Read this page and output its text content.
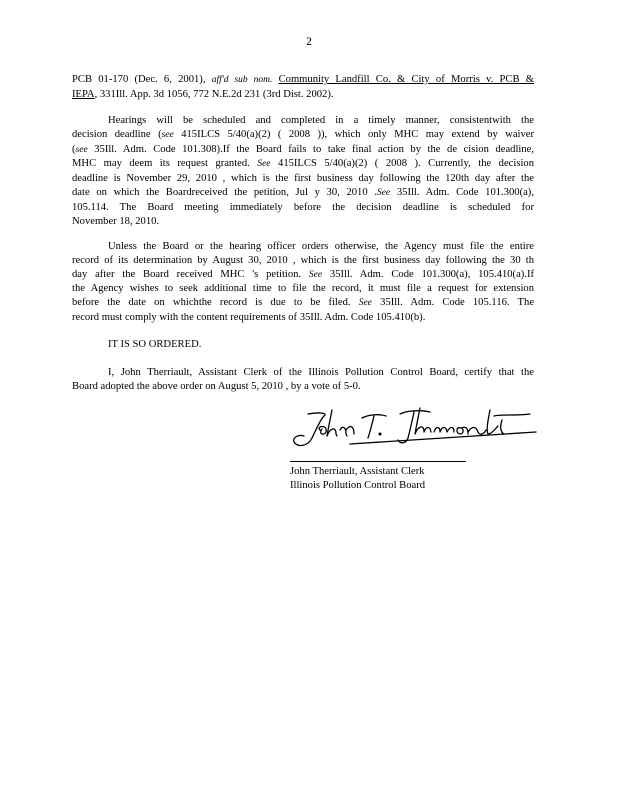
2
PCB 01-170 (Dec. 6, 2001), aff'd sub nom. Community Landfill Co. & City of Morris v. PCB &
IEPA, 331Ill. App. 3d 1056, 772 N.E.2d 231 (3rd Dist. 2002).
Hearings will be scheduled and completed in a timely manner, consistentwith the
decision deadline (see 415ILCS 5/40(a)(2) ( 2008 )), which only MHC may extend by waiver
(see 35Ill. Adm. Code 101.308).If the Board fails to take final action by the de cision deadline,
MHC may deem its request granted. See 415ILCS 5/40(a)(2) ( 2008 ). Currently, the decision
deadline is November 29, 2010 , which is the first business day following the 120th day after the
date on which the Boardreceived the petition, Jul y 30, 2010 .See 35Ill. Adm. Code 101.300(a),
105.114. The Board meeting immediately before the decision deadline is scheduled for
November 18, 2010.
Unless the Board or the hearing officer orders otherwise, the Agency must file the entire
record of its determination by August 30, 2010 , which is the first business day following the 30 th
day after the Board received MHC 's petition. See 35Ill. Adm. Code 101.300(a), 105.410(a).If
the Agency wishes to seek additional time to file the record, it must file a request for extension
before the date on whichthe record is due to be filed. See 35Ill. Adm. Code 105.116. The
record must comply with the content requirements of 35Ill. Adm. Code 105.410(b).
IT IS SO ORDERED.
I, John Therriault, Assistant Clerk of the Illinois Pollution Control Board, certify that the
Board adopted the above order on August 5, 2010 , by a vote of 5-0.
John Therriault, Assistant Clerk
Illinois Pollution Control Board
